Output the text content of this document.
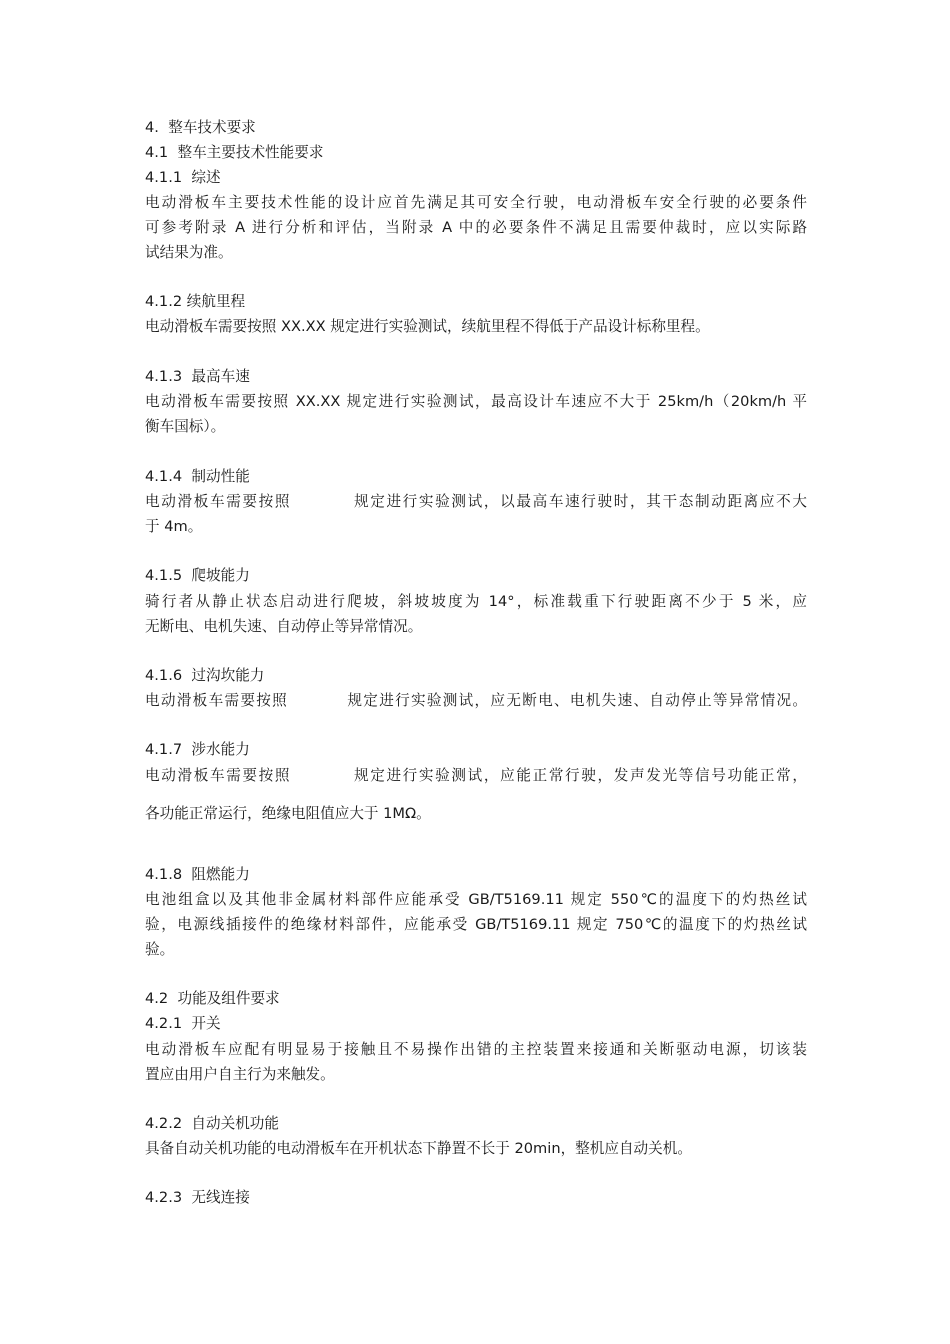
4.  整车技术要求

4.1  整车主要技术性能要求

4.1.1  综述

电动滑板车主要技术性能的设计应首先满足其可安全行驶，电动滑板车安全行驶的必要条件

可参考附录 A 进行分析和评估，当附录 A 中的必要条件不满足且需要仲裁时，应以实际路

试结果为准。

4.1.2 续航里程

电动滑板车需要按照 XX.XX 规定进行实验测试，续航里程不得低于产品设计标称里程。

4.1.3  最高车速

电动滑板车需要按照 XX.XX 规定进行实验测试，最高设计车速应不大于 25km/h（20km/h 平

衡车国标）。

4.1.4  制动性能

电动滑板车需要按照          规定进行实验测试，以最高车速行驶时，其干态制动距离应不大

于 4m。

4.1.5  爬坡能力

骑行者从静止状态启动进行爬坡，斜坡坡度为 14°，标准载重下行驶距离不少于 5 米，应

无断电、电机失速、自动停止等异常情况。

4.1.6  过沟坎能力

电动滑板车需要按照          规定进行实验测试，应无断电、电机失速、自动停止等异常情况。

4.1.7  涉水能力

电动滑板车需要按照          规定进行实验测试，应能正常行驶，发声发光等信号功能正常，

各功能正常运行，绝缘电阻值应大于 1MΩ。

4.1.8  阻燃能力

电池组盒以及其他非金属材料部件应能承受 GB/T5169.11 规定 550℃的温度下的灼热丝试

验，电源线插接件的绝缘材料部件，应能承受 GB/T5169.11 规定 750℃的温度下的灼热丝试

验。

4.2  功能及组件要求

4.2.1  开关

电动滑板车应配有明显易于接触且不易操作出错的主控装置来接通和关断驱动电源，切该装

置应由用户自主行为来触发。

4.2.2  自动关机功能

具备自动关机功能的电动滑板车在开机状态下静置不长于 20min，整机应自动关机。

4.2.3  无线连接
